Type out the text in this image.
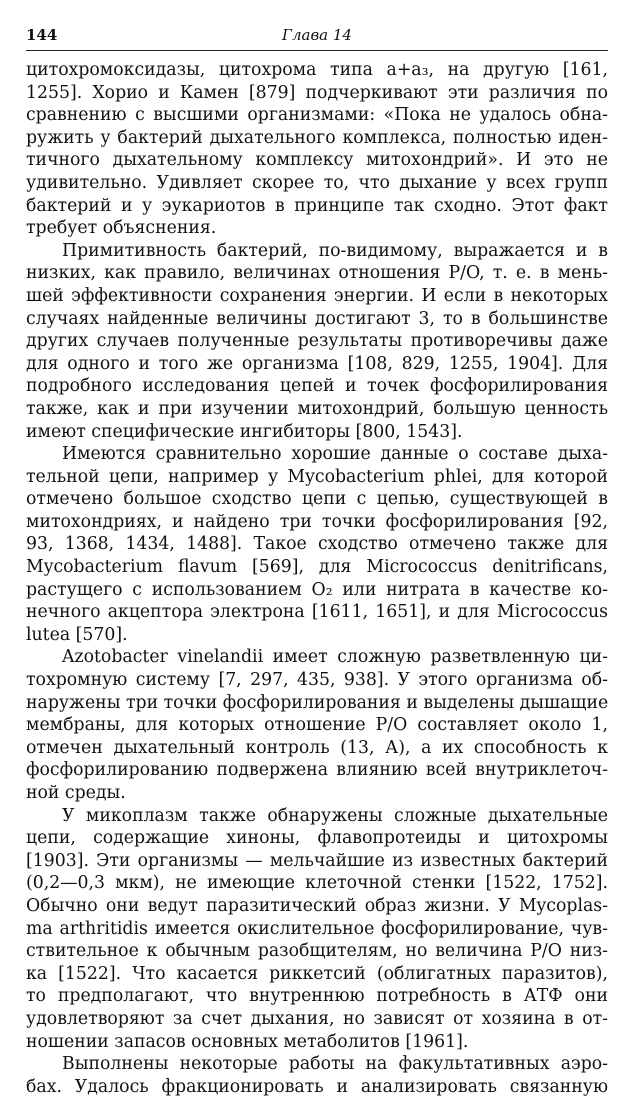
144	Глава 14
цитохромоксидазы, цитохрома типа a+a₃, на другую [161,
1255]. Хорио и Камен [879] подчеркивают эти различия по
сравнению с высшими организмами: «Пока не удалось обна-
ружить у бактерий дыхательного комплекса, полностью иден-
тичного дыхательному комплексу митохондрий». И это не
удивительно. Удивляет скорее то, что дыхание у всех групп
бактерий и у эукариотов в принципе так сходно. Этот факт
требует объяснения.
Примитивность бактерий, по-видимому, выражается и в
низких, как правило, величинах отношения P/O, т. е. в мень-
шей эффективности сохранения энергии. И если в некоторых
случаях найденные величины достигают 3, то в большинстве
других случаев полученные результаты противоречивы даже
для одного и того же организма [108, 829, 1255, 1904]. Для
подробного исследования цепей и точек фосфорилирования
также, как и при изучении митохондрий, большую ценность
имеют специфические ингибиторы [800, 1543].
Имеются сравнительно хорошие данные о составе дыха-
тельной цепи, например у Mycobacterium phlei, для которой
отмечено большое сходство цепи с цепью, существующей в
митохондриях, и найдено три точки фосфорилирования [92,
93, 1368, 1434, 1488]. Такое сходство отмечено также для
Mycobacterium flavum [569], для Micrococcus denitrificans,
растущего с использованием O₂ или нитрата в качестве ко-
нечного акцептора электрона [1611, 1651], и для Micrococcus
lutea [570].
Azotobacter vinelandii имеет сложную разветвленную ци-
тохромную систему [7, 297, 435, 938]. У этого организма об-
наружены три точки фосфорилирования и выделены дышащие
мембраны, для которых отношение P/O составляет около 1,
отмечен дыхательный контроль (13, А), а их способность к
фосфорилированию подвержена влиянию всей внутриклеточ-
ной среды.
У микоплазм также обнаружены сложные дыхательные
цепи, содержащие хиноны, флавопротеиды и цитохромы
[1903]. Эти организмы — мельчайшие из известных бактерий
(0,2—0,3 мкм), не имеющие клеточной стенки [1522, 1752].
Обычно они ведут паразитический образ жизни. У Mycoplas-
ma arthritidis имеется окислительное фосфорилирование, чув-
ствительное к обычным разобщителям, но величина P/O низ-
ка [1522]. Что касается риккетсий (облигатных паразитов),
то предполагают, что внутреннюю потребность в АТФ они
удовлетворяют за счет дыхания, но зависят от хозяина в от-
ношении запасов основных метаболитов [1961].
Выполнены некоторые работы на факультативных аэро-
бах. Удалось фракционировать и анализировать связанную
